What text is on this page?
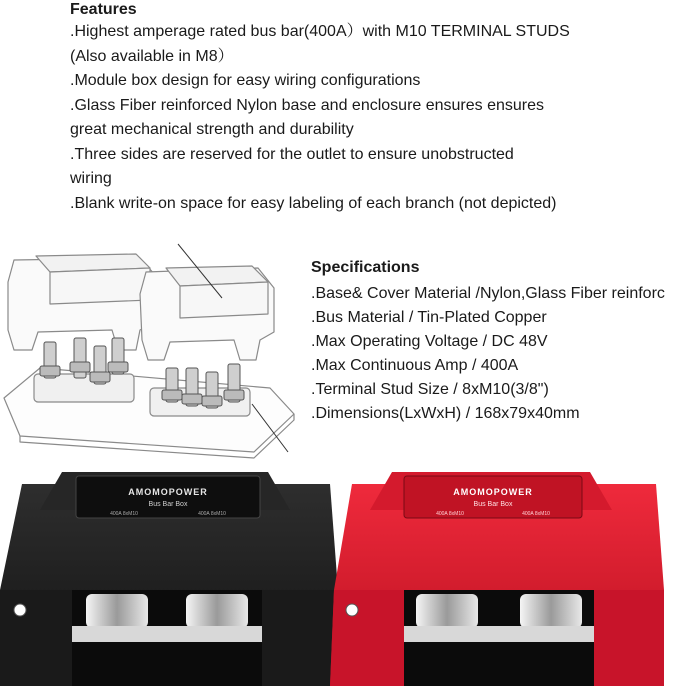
Features

.Highest amperage rated bus bar(400A）with M10 TERMINAL STUDS

(Also available in M8）

.Module box design for easy wiring configurations

.Glass Fiber reinforced Nylon base and enclosure ensures ensures

great mechanical strength and durability

.Three sides are reserved for the outlet to ensure unobstructed

wiring

.Blank write-on space for easy labeling of each branch (not depicted)

Specifications

.Base& Cover Material /Nylon,Glass Fiber reinforc

.Bus Material / Tin-Plated Copper

.Max Operating Voltage / DC 48V

.Max Continuous Amp / 400A

.Terminal Stud Size / 8xM10(3/8")

.Dimensions(LxWxH) / 168x79x40mm

AMOMOPOWER
Bus Bar Box
400A 8xM10	400A 8xM10
AMOMOPOWER
Bus Bar Box
400A 8xM10	400A 8xM10
